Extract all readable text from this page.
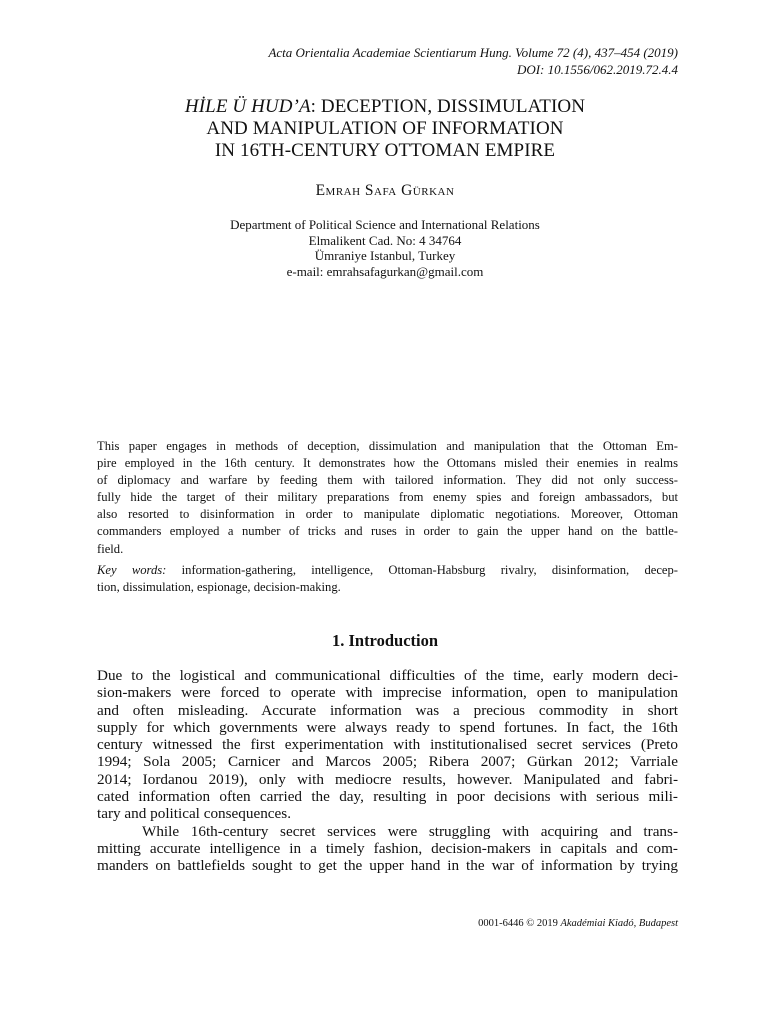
Acta Orientalia Academiae Scientiarum Hung. Volume 72 (4), 437–454 (2019)
DOI: 10.1556/062.2019.72.4.4
HİLE Ü HUD’A: DECEPTION, DISSIMULATION
AND MANIPULATION OF INFORMATION
IN 16TH-CENTURY OTTOMAN EMPIRE
Emrah Safa Gürkan
Department of Political Science and International Relations
Elmalikent Cad. No: 4 34764
Ümraniye Istanbul, Turkey
e-mail: emrahsafagurkan@gmail.com
This paper engages in methods of deception, dissimulation and manipulation that the Ottoman Em-
pire employed in the 16th century. It demonstrates how the Ottomans misled their enemies in realms
of diplomacy and warfare by feeding them with tailored information. They did not only success-
fully hide the target of their military preparations from enemy spies and foreign ambassadors, but
also resorted to disinformation in order to manipulate diplomatic negotiations. Moreover, Ottoman
commanders employed a number of tricks and ruses in order to gain the upper hand on the battle-
field.
Key words: information-gathering, intelligence, Ottoman-Habsburg rivalry, disinformation, decep-
tion, dissimulation, espionage, decision-making.
1. Introduction
Due to the logistical and communicational difficulties of the time, early modern deci-
sion-makers were forced to operate with imprecise information, open to manipulation
and often misleading. Accurate information was a precious commodity in short
supply for which governments were always ready to spend fortunes. In fact, the 16th
century witnessed the first experimentation with institutionalised secret services (Preto
1994; Sola 2005; Carnicer and Marcos 2005; Ribera 2007; Gürkan 2012; Varriale
2014; Iordanou 2019), only with mediocre results, however. Manipulated and fabri-
cated information often carried the day, resulting in poor decisions with serious mili-
tary and political consequences.
While 16th-century secret services were struggling with acquiring and trans-
mitting accurate intelligence in a timely fashion, decision-makers in capitals and com-
manders on battlefields sought to get the upper hand in the war of information by trying
0001-6446 © 2019 Akadémiai Kiadó, Budapest
